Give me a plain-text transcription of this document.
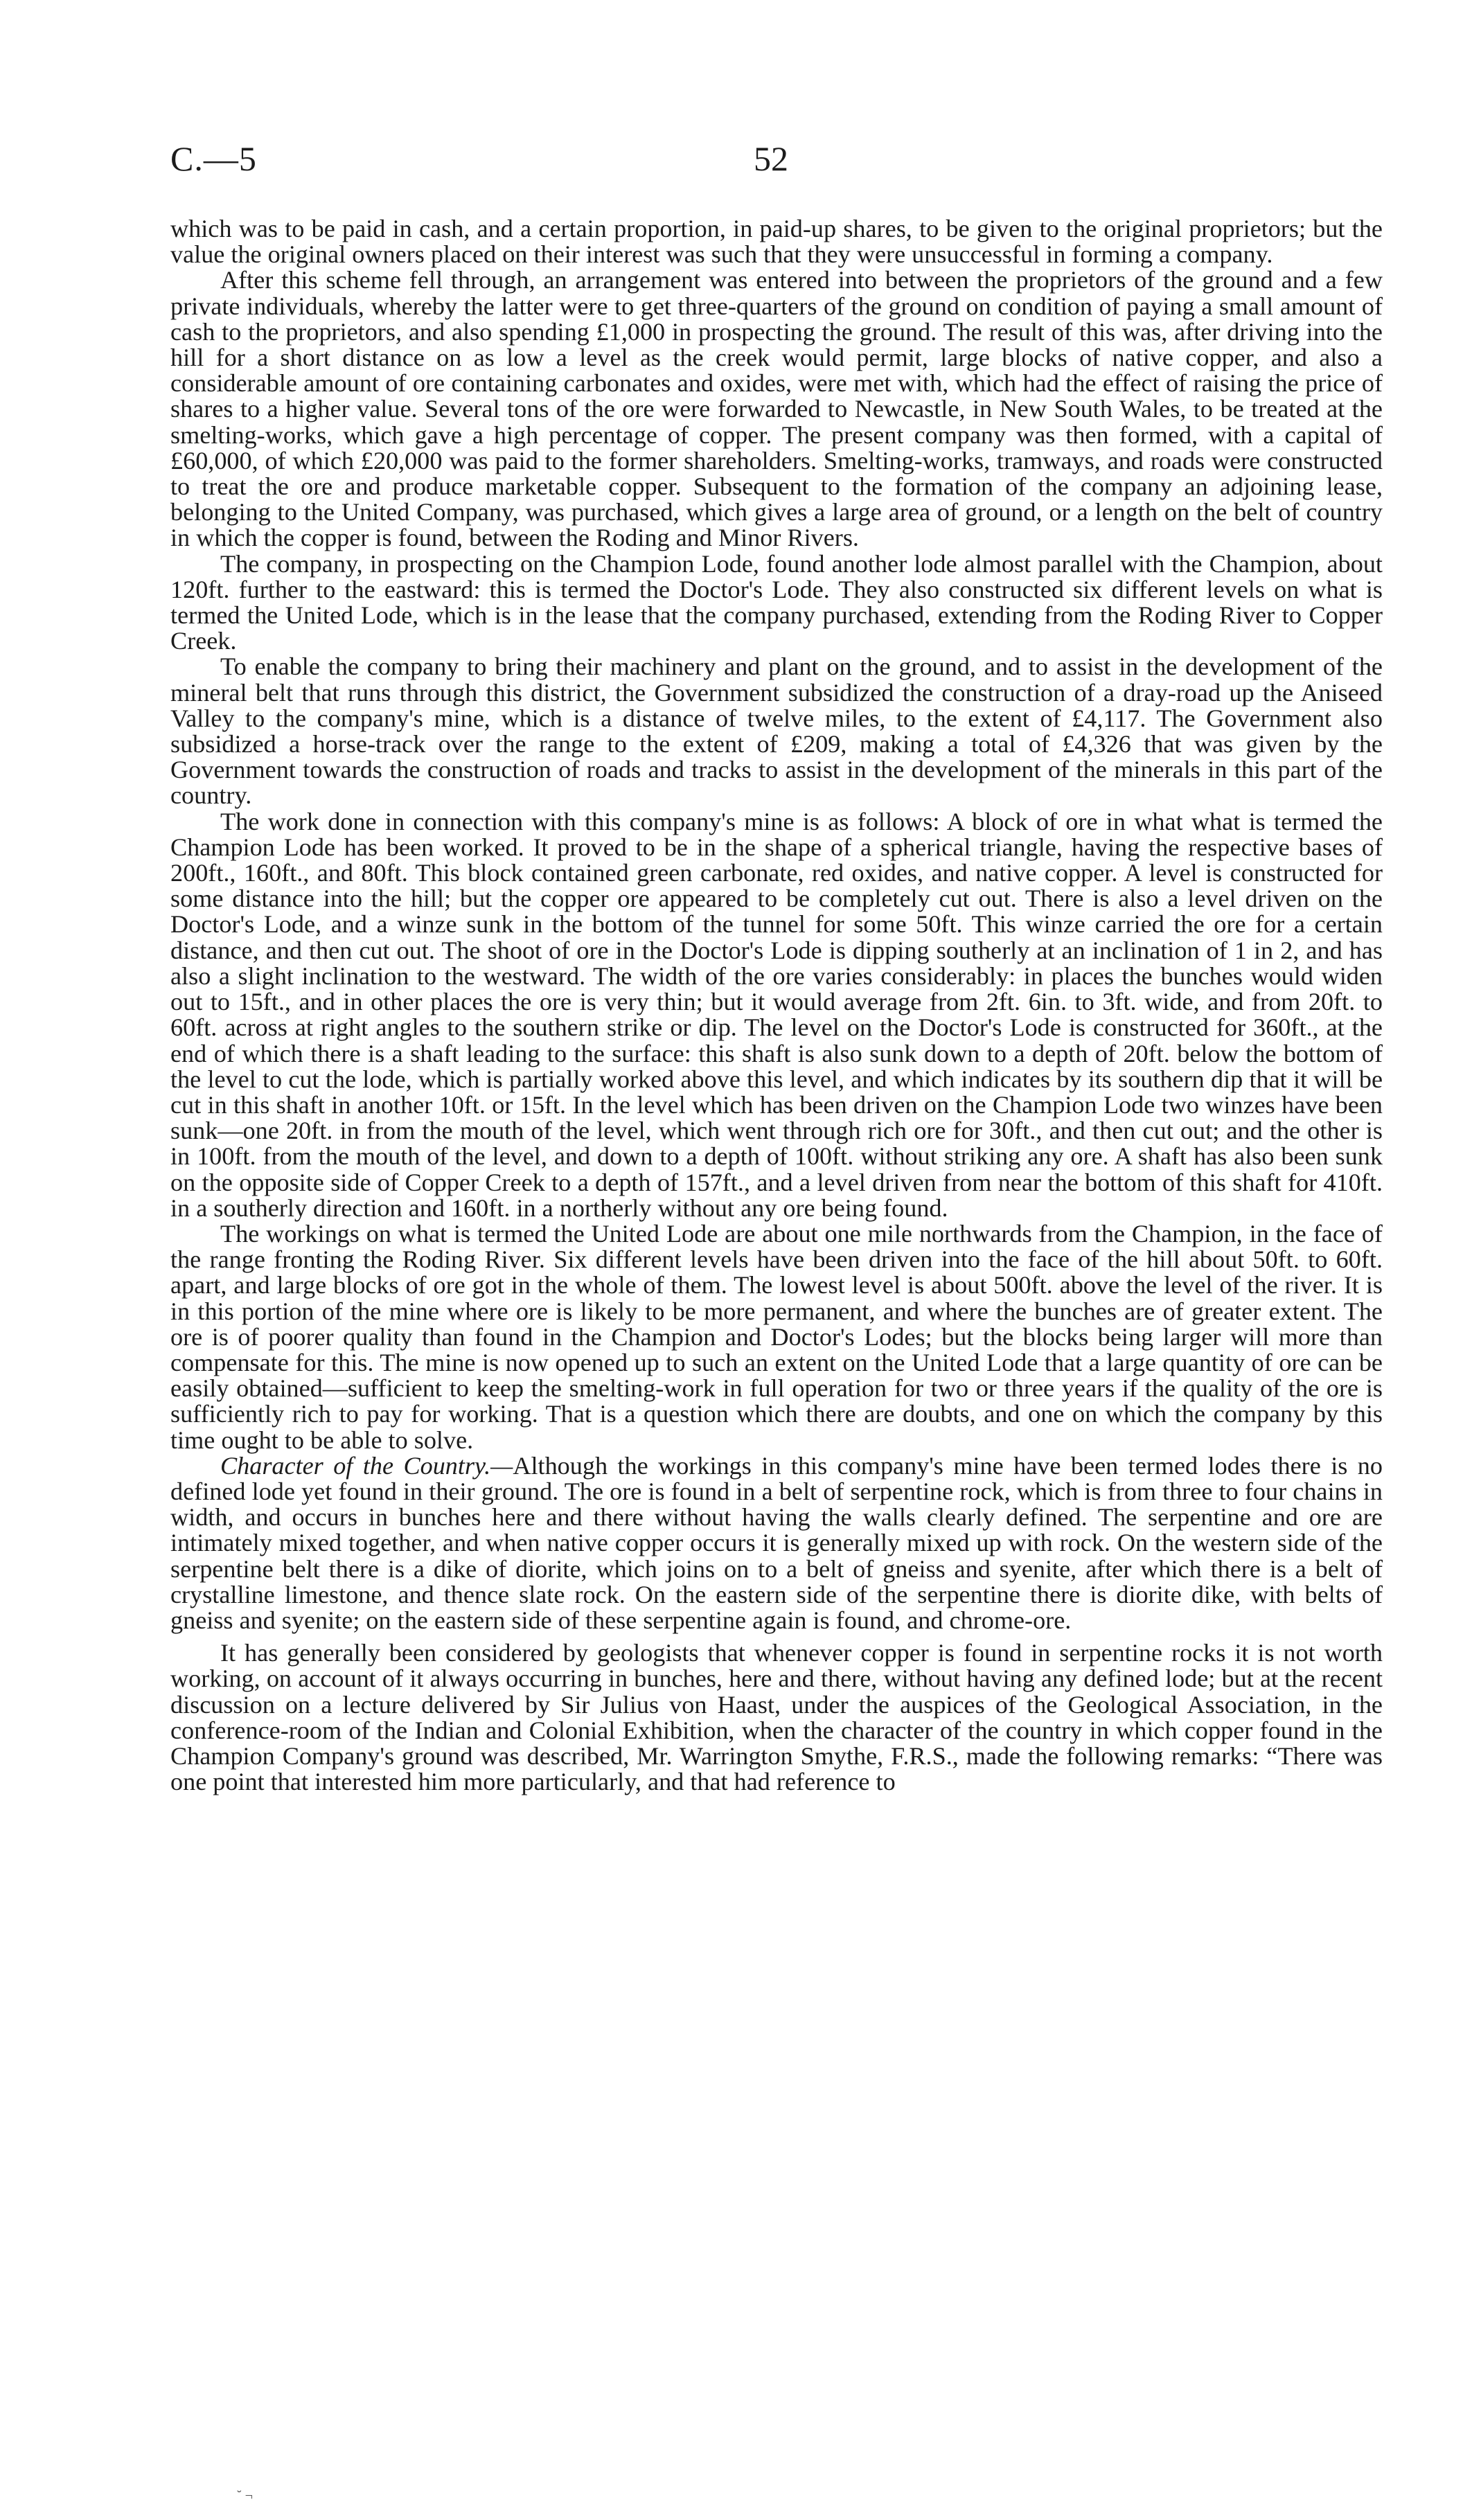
C.—5	52

which was to be paid in cash, and a certain proportion, in paid-up shares, to be given to the original proprietors; but the value the original owners placed on their interest was such that they were unsuccessful in forming a company.

After this scheme fell through, an arrangement was entered into between the proprietors of the ground and a few private individuals, whereby the latter were to get three-quarters of the ground on condition of paying a small amount of cash to the proprietors, and also spending £1,000 in prospecting the ground. The result of this was, after driving into the hill for a short distance on as low a level as the creek would permit, large blocks of native copper, and also a considerable amount of ore containing carbonates and oxides, were met with, which had the effect of raising the price of shares to a higher value. Several tons of the ore were forwarded to Newcastle, in New South Wales, to be treated at the smelting-works, which gave a high percentage of copper. The present company was then formed, with a capital of £60,000, of which £20,000 was paid to the former shareholders. Smelting-works, tramways, and roads were constructed to treat the ore and produce marketable copper. Subsequent to the formation of the company an adjoining lease, belonging to the United Company, was purchased, which gives a large area of ground, or a length on the belt of country in which the copper is found, between the Roding and Minor Rivers.

The company, in prospecting on the Champion Lode, found another lode almost parallel with the Champion, about 120ft. further to the eastward: this is termed the Doctor's Lode. They also constructed six different levels on what is termed the United Lode, which is in the lease that the company purchased, extending from the Roding River to Copper Creek.

To enable the company to bring their machinery and plant on the ground, and to assist in the development of the mineral belt that runs through this district, the Government subsidized the construction of a dray-road up the Aniseed Valley to the company's mine, which is a distance of twelve miles, to the extent of £4,117. The Government also subsidized a horse-track over the range to the extent of £209, making a total of £4,326 that was given by the Government towards the construction of roads and tracks to assist in the development of the minerals in this part of the country.

The work done in connection with this company's mine is as follows: A block of ore in what what is termed the Champion Lode has been worked. It proved to be in the shape of a spherical triangle, having the respective bases of 200ft., 160ft., and 80ft. This block contained green carbonate, red oxides, and native copper. A level is constructed for some distance into the hill; but the copper ore appeared to be completely cut out. There is also a level driven on the Doctor's Lode, and a winze sunk in the bottom of the tunnel for some 50ft. This winze carried the ore for a certain distance, and then cut out. The shoot of ore in the Doctor's Lode is dipping southerly at an inclination of 1 in 2, and has also a slight inclination to the westward. The width of the ore varies considerably: in places the bunches would widen out to 15ft., and in other places the ore is very thin; but it would average from 2ft. 6in. to 3ft. wide, and from 20ft. to 60ft. across at right angles to the southern strike or dip. The level on the Doctor's Lode is constructed for 360ft., at the end of which there is a shaft leading to the surface: this shaft is also sunk down to a depth of 20ft. below the bottom of the level to cut the lode, which is partially worked above this level, and which indicates by its southern dip that it will be cut in this shaft in another 10ft. or 15ft. In the level which has been driven on the Champion Lode two winzes have been sunk—one 20ft. in from the mouth of the level, which went through rich ore for 30ft., and then cut out; and the other is in 100ft. from the mouth of the level, and down to a depth of 100ft. without striking any ore. A shaft has also been sunk on the opposite side of Copper Creek to a depth of 157ft., and a level driven from near the bottom of this shaft for 410ft. in a southerly direction and 160ft. in a northerly without any ore being found.

The workings on what is termed the United Lode are about one mile northwards from the Champion, in the face of the range fronting the Roding River. Six different levels have been driven into the face of the hill about 50ft. to 60ft. apart, and large blocks of ore got in the whole of them. The lowest level is about 500ft. above the level of the river. It is in this portion of the mine where ore is likely to be more permanent, and where the bunches are of greater extent. The ore is of poorer quality than found in the Champion and Doctor's Lodes; but the blocks being larger will more than compensate for this. The mine is now opened up to such an extent on the United Lode that a large quantity of ore can be easily obtained—sufficient to keep the smelting-work in full operation for two or three years if the quality of the ore is sufficiently rich to pay for working. That is a question which there are doubts, and one on which the company by this time ought to be able to solve.

Character of the Country.—Although the workings in this company's mine have been termed lodes there is no defined lode yet found in their ground. The ore is found in a belt of serpentine rock, which is from three to four chains in width, and occurs in bunches here and there without having the walls clearly defined. The serpentine and ore are intimately mixed together, and when native copper occurs it is generally mixed up with rock. On the western side of the serpentine belt there is a dike of diorite, which joins on to a belt of gneiss and syenite, after which there is a belt of crystalline limestone, and thence slate rock. On the eastern side of the serpentine there is diorite dike, with belts of gneiss and syenite; on the eastern side of these serpentine again is found, and chrome-ore.

It has generally been considered by geologists that whenever copper is found in serpentine rocks it is not worth working, on account of it always occurring in bunches, here and there, without having any defined lode; but at the recent discussion on a lecture delivered by Sir Julius von Haast, under the auspices of the Geological Association, in the conference-room of the Indian and Colonial Exhibition, when the character of the country in which copper found in the Champion Company's ground was described, Mr. Warrington Smythe, F.R.S., made the following remarks: “There was one point that interested him more particularly, and that had reference to

˘ ¬
